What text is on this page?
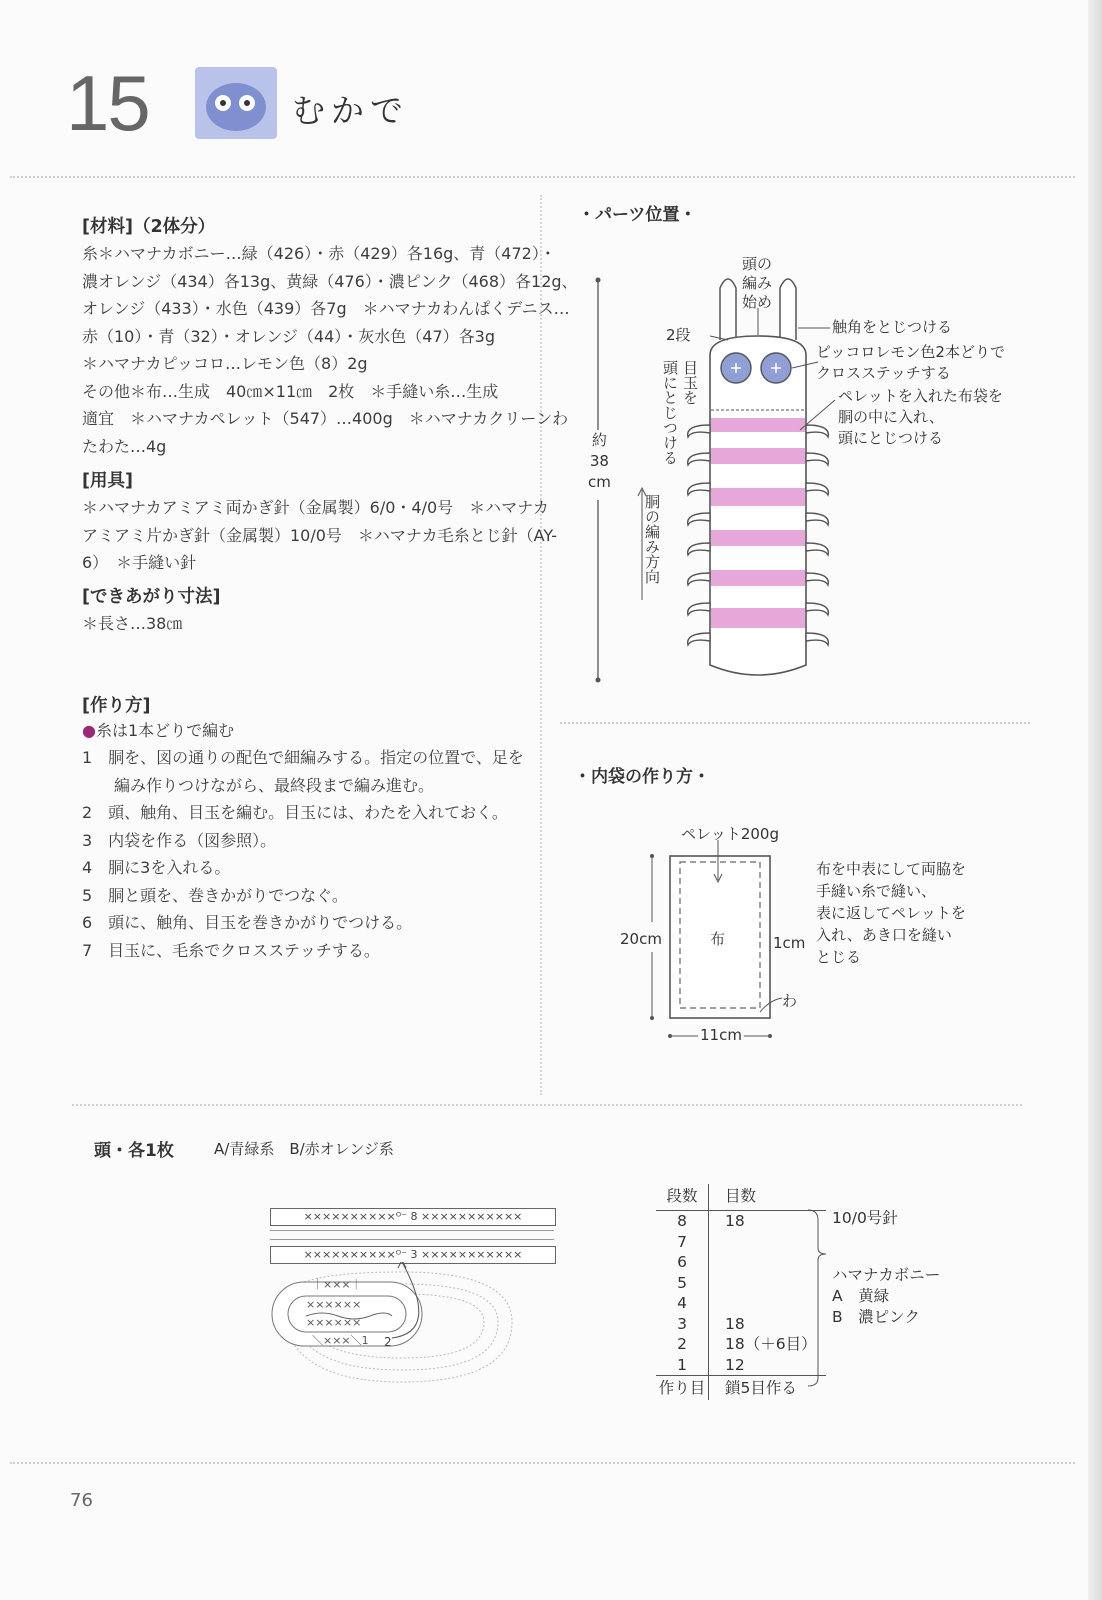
15	むかで
[材料]（2体分）
糸＊ハマナカボニー…緑（426）・赤（429）各16g、青（472）・
濃オレンジ（434）各13g、黄緑（476）・濃ピンク（468）各12g、
オレンジ（433）・水色（439）各7g　＊ハマナカわんぱくデニス…
赤（10）・青（32）・オレンジ（44）・灰水色（47）各3g
＊ハマナカピッコロ…レモン色（8）2g
その他＊布…生成　40㎝×11㎝　2枚　＊手縫い糸…生成
適宜　＊ハマナカペレット（547）…400g　＊ハマナカクリーンわ
たわた…4g
[用具]
＊ハマナカアミアミ両かぎ針（金属製）6/0・4/0号　＊ハマナカ
アミアミ片かぎ針（金属製）10/0号　＊ハマナカ毛糸とじ針（AY-
6）　＊手縫い針
[できあがり寸法]
＊長さ…38㎝
[作り方]
●糸は1本どりで編む
1　胴を、図の通りの配色で細編みする。指定の位置で、足を
　　編み作りつけながら、最終段まで編み進む。
2　頭、触角、目玉を編む。目玉には、わたを入れておく。
3　内袋を作る（図参照）。
4　胴に3を入れる。
5　胴と頭を、巻きかがりでつなぐ。
6　頭に、触角、目玉を巻きかがりでつける。
7　目玉に、毛糸でクロスステッチする。
・パーツ位置・
約
38
cm
頭の
編み
始め
2段	触角をとじつける
目玉を
頭にとじつける
ピッコロレモン色2本どりで
クロスステッチする
ペレットを入れた布袋を
胴の中に入れ、
頭にとじつける
胴の編み方向
・内袋の作り方・
ペレット200g
布
20cm
11cm
1cm
わ
布を中表にして両脇を
手縫い糸で縫い、
表に返してペレットを
入れ、あき口を縫い
とじる
頭・各1枚	A/青緑系　B/赤オレンジ系
××××××××××ᴼ⁻ 8 ×××××××××××
××××××××××ᴼ⁻ 3 ×××××××××××
｜×××｜
××××××
××××××
＼×××＼1 2
段数	目数
8	18
7
6
5
4
3	18
2	18（＋6目）
1	12
作り目	鎖5目作る
10/0号針
ハマナカボニー
A　黄緑
B　濃ピンク
76
